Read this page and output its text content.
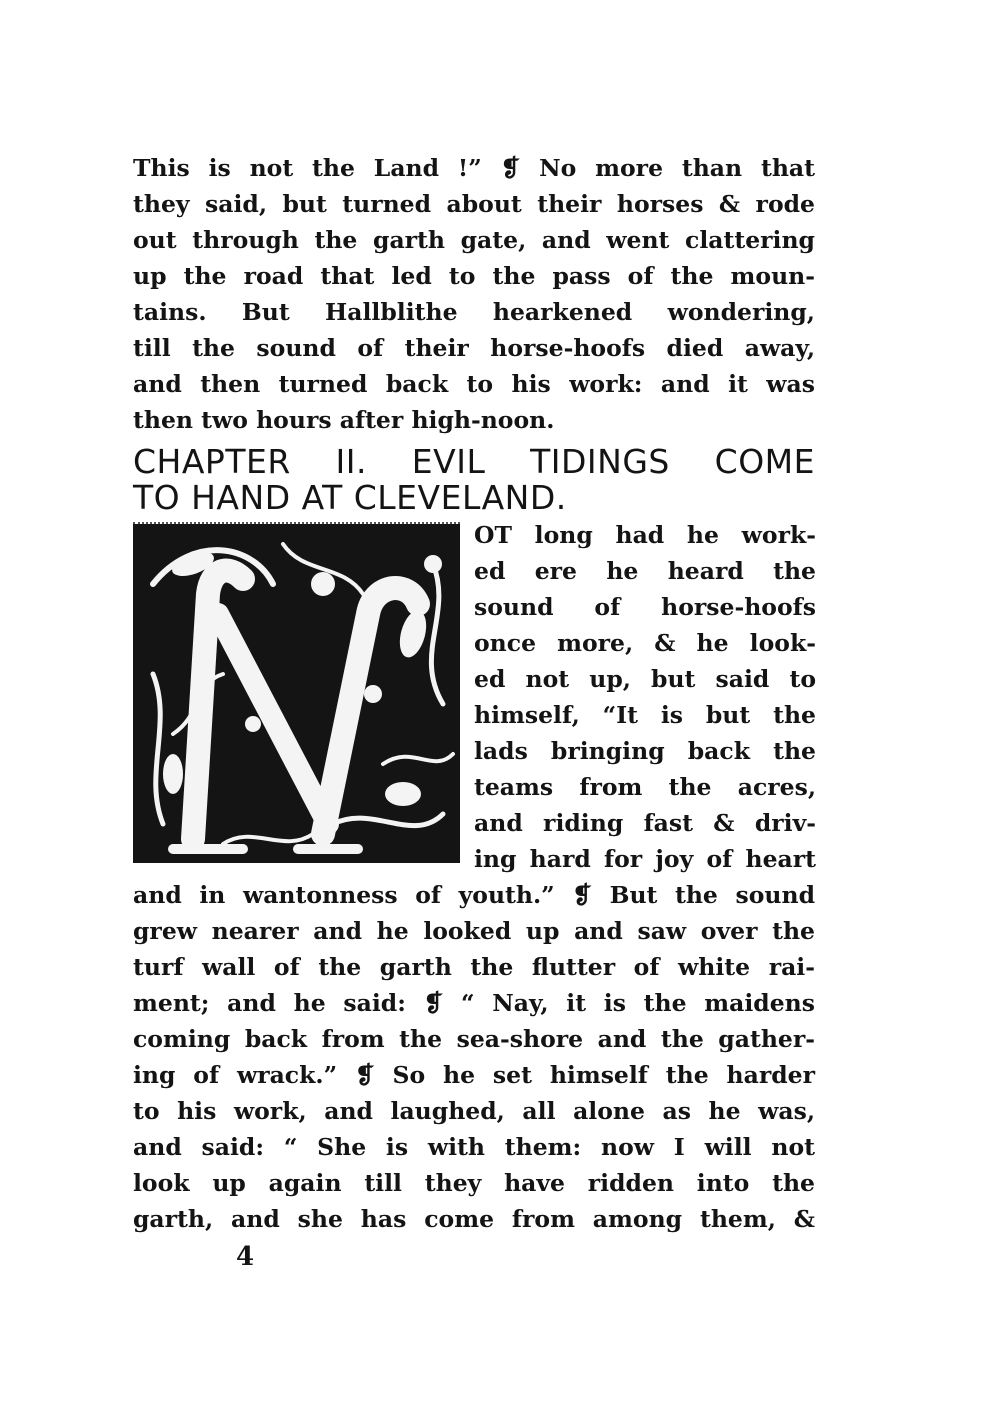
This is not the Land !” ❡ No more than that
they said, but turned about their horses & rode
out through the garth gate, and went clattering
up the road that led to the pass of the moun‐
tains. But Hallblithe hearkened wondering,
till the sound of their horse‐hoofs died away,
and then turned back to his work: and it was
then two hours after high‐noon.
CHAPTER II. EVIL TIDINGS COME
TO HAND AT CLEVELAND.
OT long had he work‐
ed ere he heard the
sound of horse‐hoofs
once more, & he look‐
ed not up, but said to
himself, “It is but the
lads bringing back the
teams from the acres,
and riding fast & driv‐
ing hard for joy of heart
and in wantonness of youth.” ❡ But the sound
grew nearer and he looked up and saw over the
turf wall of the garth the flutter of white rai‐
ment; and he said: ❡ “ Nay, it is the maidens
coming back from the sea‐shore and the gather‐
ing of wrack.” ❡ So he set himself the harder
to his work, and laughed, all alone as he was,
and said: “ She is with them: now I will not
look up again till they have ridden into the
garth, and she has come from among them, &
4
